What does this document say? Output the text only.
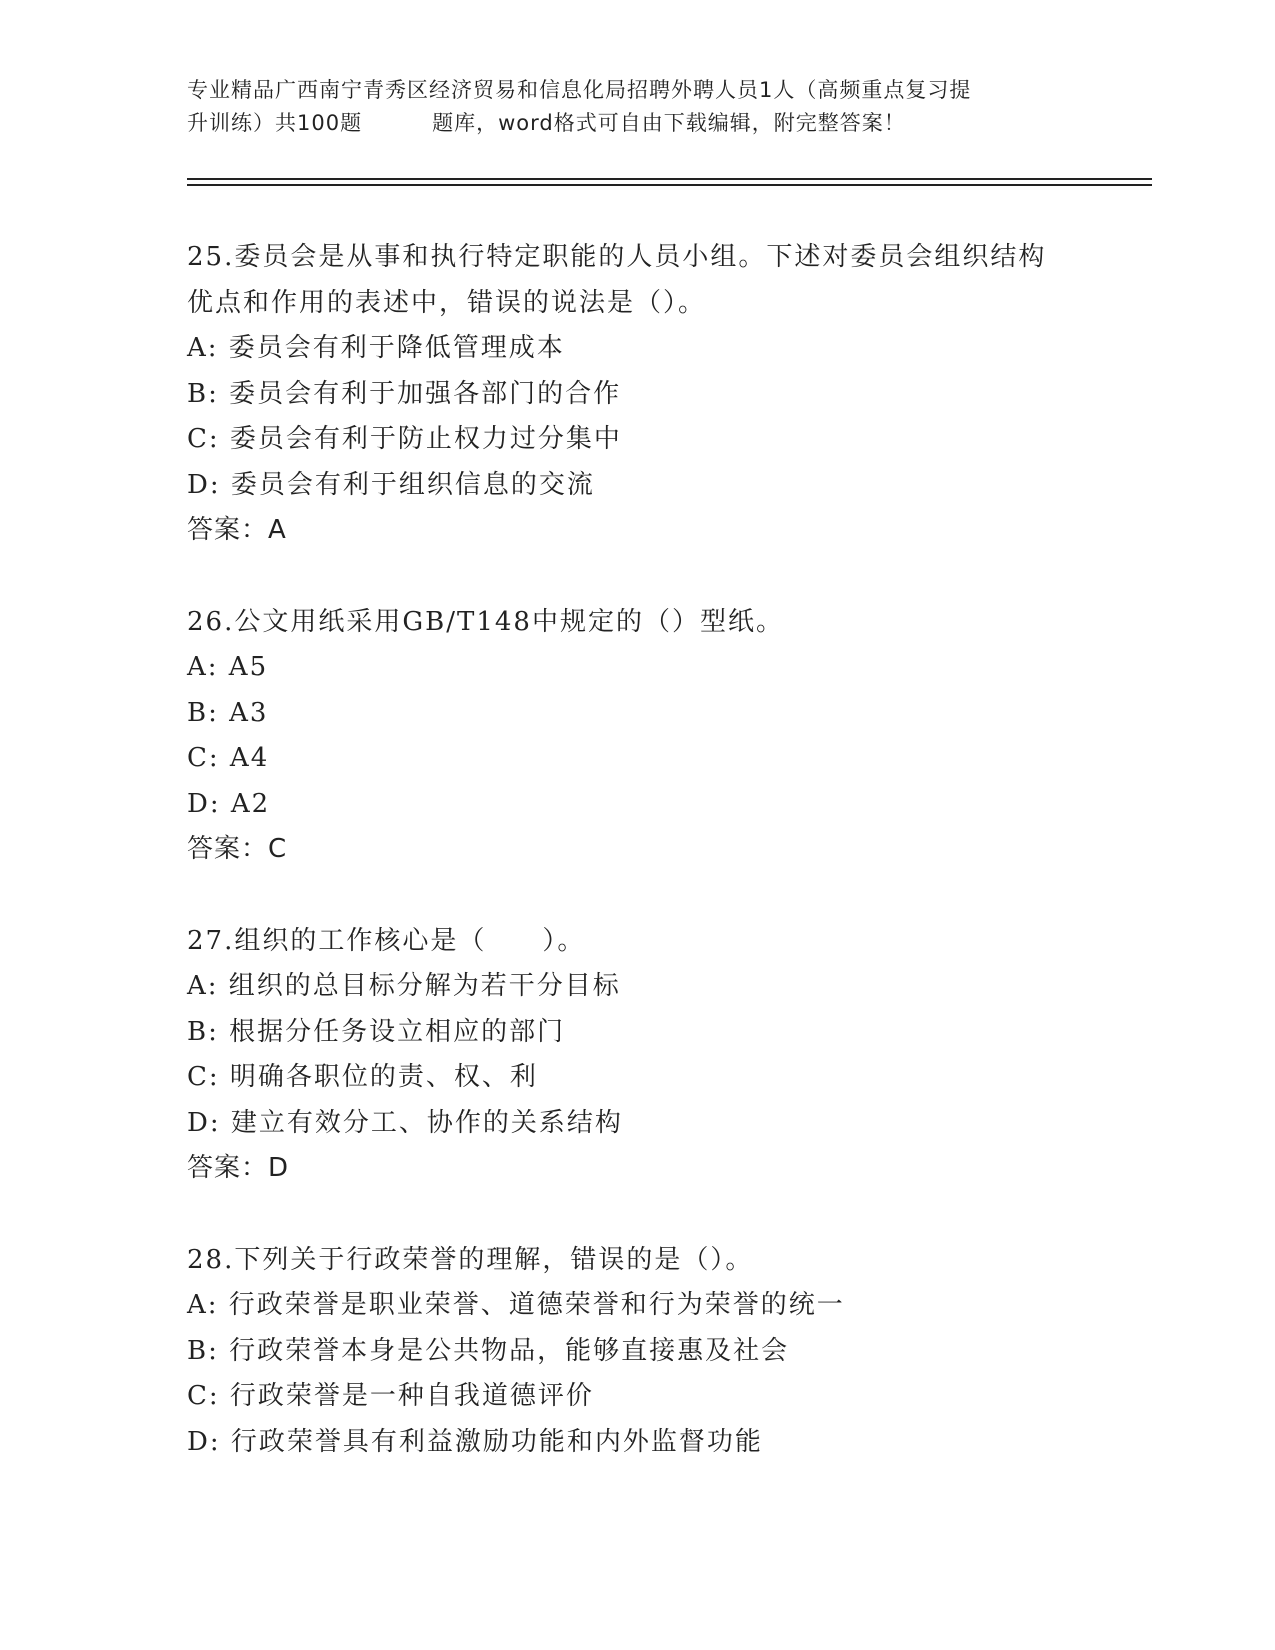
专业精品广西南宁青秀区经济贸易和信息化局招聘外聘人员1人（高频重点复习提
升训练）共100题	题库，word格式可自由下载编辑，附完整答案！
25.委员会是从事和执行特定职能的人员小组。下述对委员会组织结构
优点和作用的表述中，错误的说法是（）。
A: 委员会有利于降低管理成本
B: 委员会有利于加强各部门的合作
C: 委员会有利于防止权力过分集中
D: 委员会有利于组织信息的交流
答案：A
26.公文用纸采用GB/T148中规定的（）型纸。
A: A5
B: A3
C: A4
D: A2
答案：C
27.组织的工作核心是（　　）。
A: 组织的总目标分解为若干分目标
B: 根据分任务设立相应的部门
C: 明确各职位的责、权、利
D: 建立有效分工、协作的关系结构
答案：D
28.下列关于行政荣誉的理解，错误的是（）。
A: 行政荣誉是职业荣誉、道德荣誉和行为荣誉的统一
B: 行政荣誉本身是公共物品，能够直接惠及社会
C: 行政荣誉是一种自我道德评价
D: 行政荣誉具有利益激励功能和内外监督功能
